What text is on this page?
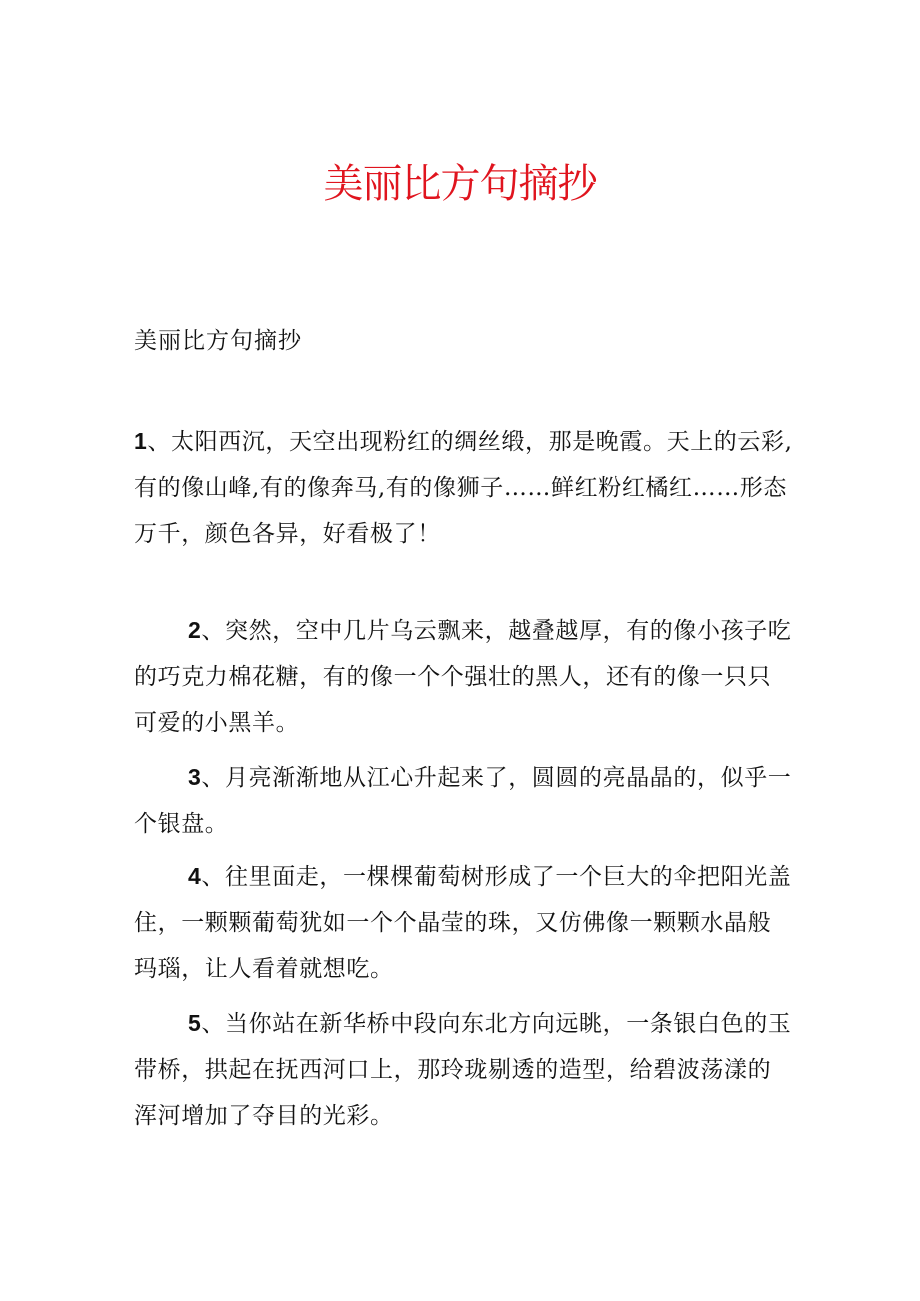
美丽比方句摘抄
美丽比方句摘抄
1、太阳西沉，天空出现粉红的绸丝缎，那是晚霞。天上的云彩,有的像山峰,有的像奔马,有的像狮子……鲜红粉红橘红……形态万千，颜色各异，好看极了！
2、突然，空中几片乌云飘来，越叠越厚，有的像小孩子吃的巧克力棉花糖，有的像一个个强壮的黑人，还有的像一只只可爱的小黑羊。
3、月亮渐渐地从江心升起来了，圆圆的亮晶晶的，似乎一个银盘。
4、往里面走，一棵棵葡萄树形成了一个巨大的伞把阳光盖住，一颗颗葡萄犹如一个个晶莹的珠，又仿佛像一颗颗水晶般玛瑙，让人看着就想吃。
5、当你站在新华桥中段向东北方向远眺，一条银白色的玉带桥，拱起在抚西河口上，那玲珑剔透的造型，给碧波荡漾的浑河增加了夺目的光彩。
